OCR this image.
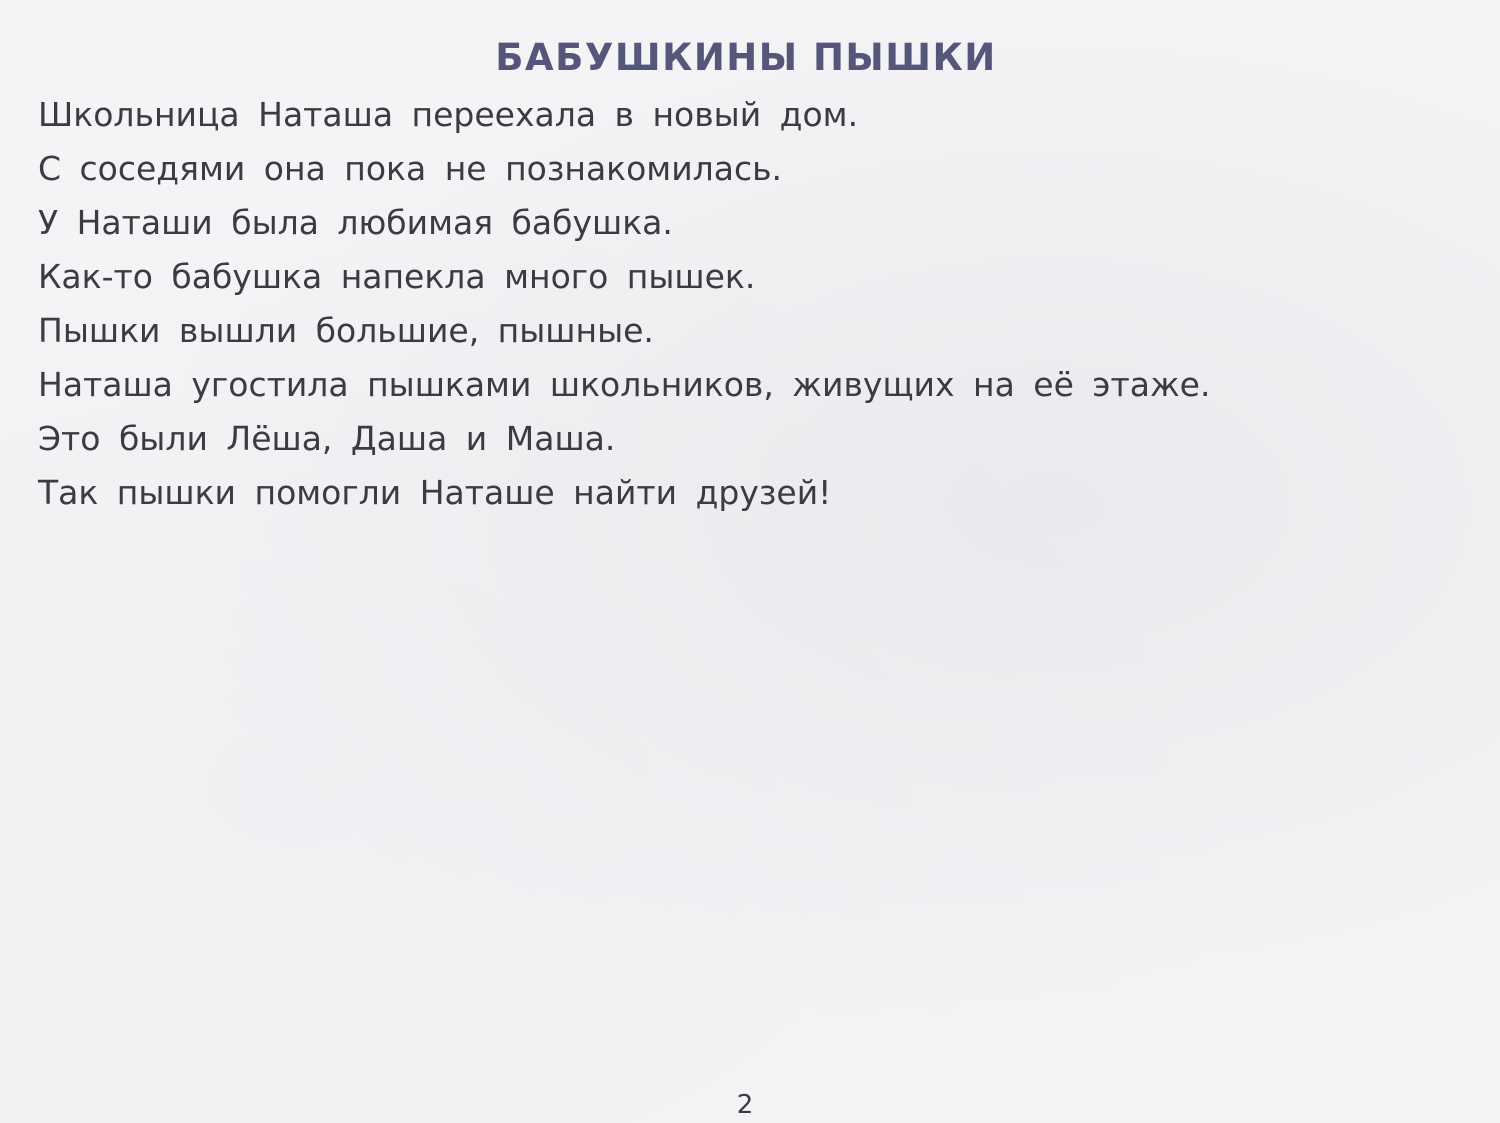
БАБУШКИНЫ ПЫШКИ
Школьница Наташа переехала в новый дом.
С соседями она пока не познакомилась.
У Наташи была любимая бабушка.
Как-то бабушка напекла много пышек.
Пышки вышли большие, пышные.
Наташа угостила пышками школьников, живущих на её этаже.
Это были Лёша, Даша и Маша.
Так пышки помогли Наташе найти друзей!
2
